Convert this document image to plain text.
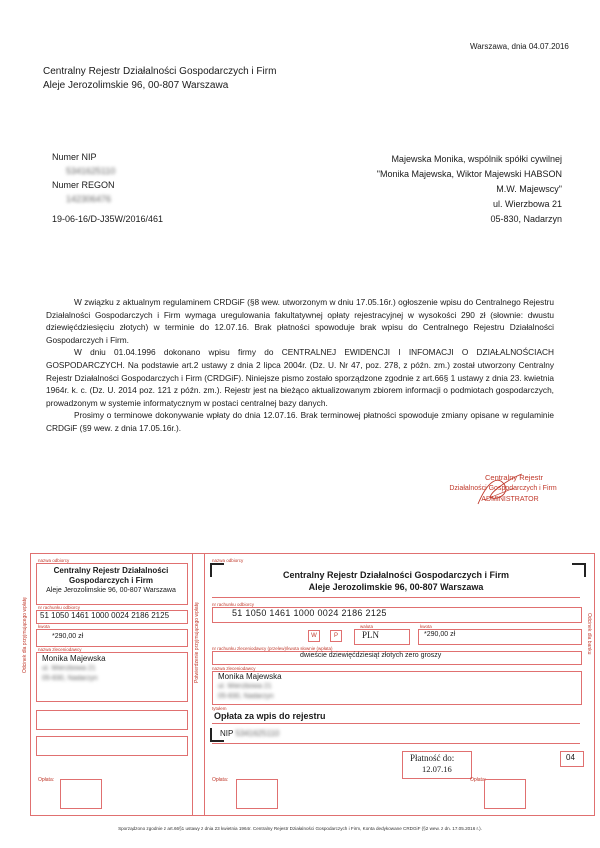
Warszawa, dnia 04.07.2016
Centralny Rejestr Działalności Gospodarczych i Firm
Aleje Jerozolimskie 96, 00-807 Warszawa
Numer NIP
5341625110
Numer REGON
142306476
19-06-16/D-J35W/2016/461
Majewska Monika, wspólnik spółki cywilnej
"Monika Majewska, Wiktor Majewski HABSON
M.W. Majewscy"
ul. Wierzbowa 21
05-830, Nadarzyn

W związku z aktualnym regulaminem CRDGiF (§8 wew. utworzonym w dniu 17.05.16r.) ogłoszenie wpisu do Centralnego Rejestru Działalności Gospodarczych i Firm wymaga uregulowania fakultatywnej opłaty rejestracyjnej w wysokości 290 zł (słownie: dwustu dziewięćdziesięciu złotych) w terminie do 12.07.16. Brak płatności spowoduje brak wpisu do Centralnego Rejestru Działalności Gospodarczych i Firm.

W dniu 01.04.1996 dokonano wpisu firmy do CENTRALNEJ EWIDENCJI I INFOMACJI O DZIAŁALNOŚCIACH GOSPODARCZYCH. Na podstawie art.2 ustawy z dnia 2 lipca 2004r. (Dz. U. Nr 47, poz. 278, z późn. zm.) został utworzony Centralny Rejestr Działalności Gospodarczych i Firm (CRDGiF). Niniejsze pismo zostało sporządzone zgodnie z art.66§ 1 ustawy z dnia 23. kwietnia 1964r. k. c. (Dz. U. 2014 poz. 121 z późn. zm.). Rejestr jest na bieżąco aktualizowanym zbiorem informacji o podmiotach gospodarczych, prowadzonym w systemie informatycznym w postaci centralnej bazy danych.

Prosimy o terminowe dokonywanie wpłaty do dnia 12.07.16. Brak terminowej płatności spowoduje zmiany opisane w regulaminie CRDGiF (§9 wew. z dnia 17.05.16r.).

Centralny Rejestr
Działalności Gospodarczych i Firm
ADMINISTRATOR
Odcinek dla przyjmującego wpłatę	Potwierdzenie przyjmującego wpłatę	Odcinek dla banku
nazwa odbiorcy
Centralny Rejestr Działalności
Gospodarczych i Firm
Aleje Jerozolimskie 96, 00-807 Warszawa
nr rachunku odbiorcy
51 1050 1461 1000 0024 2186 2125
kwota
*290,00 zł
nazwa zleceniodawcy
Monika Majewska
ul. Wierzbowa 21
05-830, Nadarzyn
Opłata:
nazwa odbiorcy
Centralny Rejestr Działalności Gospodarczych i Firm
Aleje Jerozolimskie 96, 00-807 Warszawa
nr rachunku odbiorcy
51 1050 1461 1000 0024 2186 2125
W	P
waluta
PLN
kwota
*290,00 zł
nr rachunku zleceniodawcy (przelew)/kwota słownie (wpłata)
dwieście dziewięćdziesiąt złotych zero groszy
nazwa zleceniodawcy
Monika Majewska
ul. Wierzbowa 21
05-830, Nadarzyn
tytułem
Opłata za wpis do rejestru
NIP 5341625110
Płatność do:
12.07.16
04
Opłata:	Opłata:
Sporządzono zgodnie z art.66§1 ustawy z dnia 23 kwietnia 1964r. Centralny Rejestr Działalności Gospodarczych i Firm, Konta dedykowane CRDGiF (§2 wew. z dn. 17.05.2016 r.).
